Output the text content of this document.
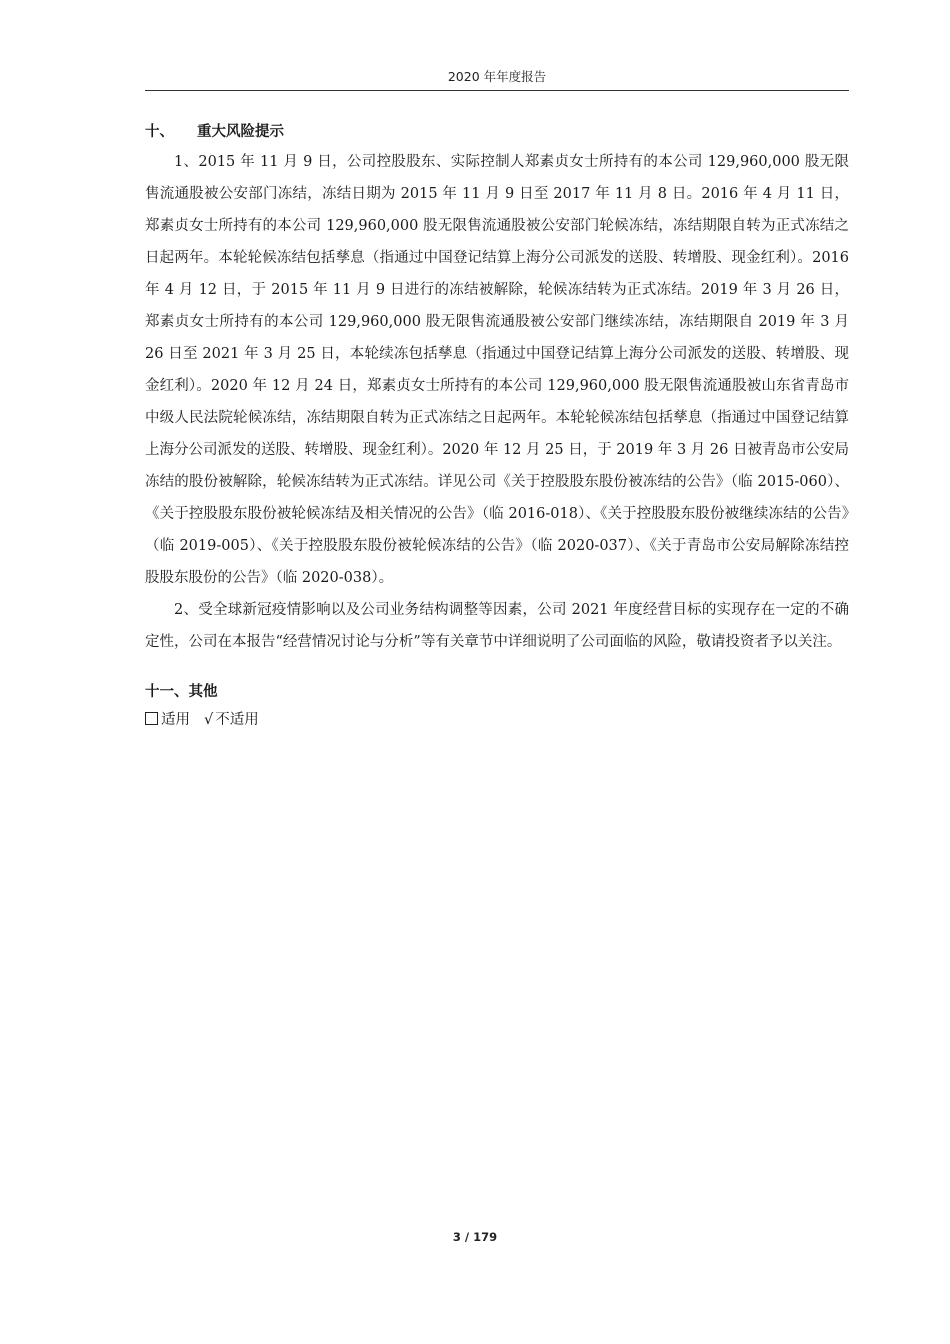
2020 年年度报告
十、 重大风险提示

1、2015 年 11 月 9 日，公司控股股东、实际控制人郑素贞女士所持有的本公司 129,960,000 股无限售流通股被公安部门冻结，冻结日期为 2015 年 11 月 9 日至 2017 年 11 月 8 日。2016 年 4 月 11 日，郑素贞女士所持有的本公司 129,960,000 股无限售流通股被公安部门轮候冻结，冻结期限自转为正式冻结之日起两年。本轮轮候冻结包括孳息（指通过中国登记结算上海分公司派发的送股、转增股、现金红利）。2016 年 4 月 12 日，于 2015 年 11 月 9 日进行的冻结被解除，轮候冻结转为正式冻结。2019 年 3 月 26 日，郑素贞女士所持有的本公司 129,960,000 股无限售流通股被公安部门继续冻结，冻结期限自 2019 年 3 月 26 日至 2021 年 3 月 25 日，本轮续冻包括孳息（指通过中国登记结算上海分公司派发的送股、转增股、现金红利）。2020 年 12 月 24 日，郑素贞女士所持有的本公司 129,960,000 股无限售流通股被山东省青岛市中级人民法院轮候冻结，冻结期限自转为正式冻结之日起两年。本轮轮候冻结包括孳息（指通过中国登记结算上海分公司派发的送股、转增股、现金红利）。2020 年 12 月 25 日，于 2019 年 3 月 26 日被青岛市公安局冻结的股份被解除，轮候冻结转为正式冻结。详见公司《关于控股股东股份被冻结的公告》（临 2015-060）、《关于控股股东股份被轮候冻结及相关情况的公告》（临 2016-018）、《关于控股股东股份被继续冻结的公告》（临 2019-005）、《关于控股股东股份被轮候冻结的公告》（临 2020-037）、《关于青岛市公安局解除冻结控股股东股份的公告》（临 2020-038）。

2、受全球新冠疫情影响以及公司业务结构调整等因素，公司 2021 年度经营目标的实现存在一定的不确定性，公司在本报告“经营情况讨论与分析”等有关章节中详细说明了公司面临的风险，敬请投资者予以关注。

十一、其他
适用 √ 不适用
3 / 179
